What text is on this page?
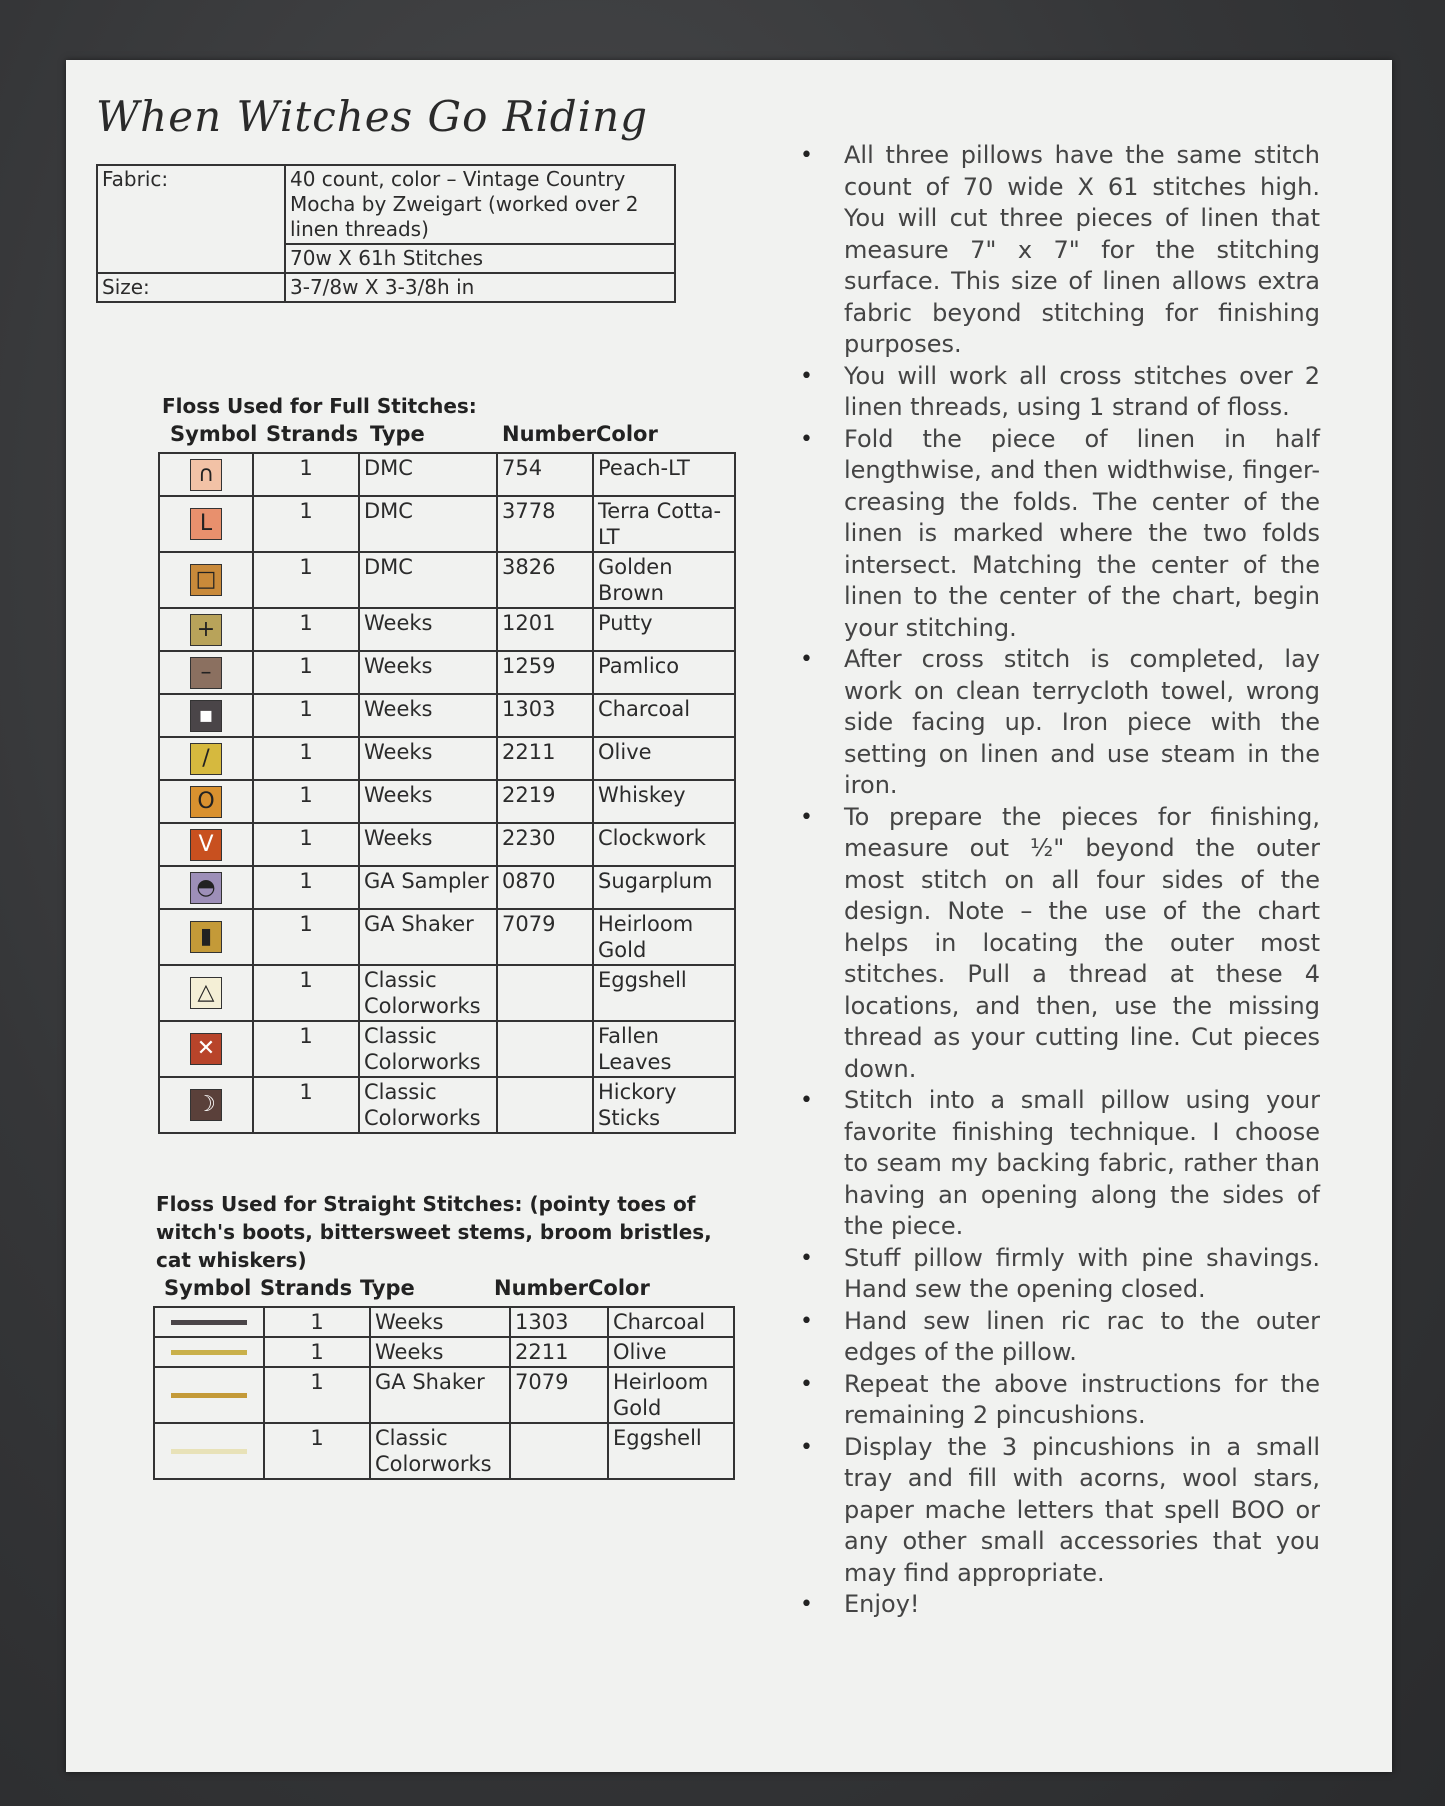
When Witches Go Riding
Fabric:	40 count, color – Vintage Country Mocha by Zweigart (worked over 2 linen threads)
	70w X 61h Stitches
Size:	3-7/8w X 3-3/8h in
Floss Used for Full Stitches:
Symbol Strands Type	Number Color
∩	1	DMC	754	Peach-LT
L	1	DMC	3778	Terra Cotta-LT
□	1	DMC	3826	Golden Brown
+	1	Weeks	1201	Putty
–	1	Weeks	1259	Pamlico
▪	1	Weeks	1303	Charcoal
/	1	Weeks	2211	Olive
O	1	Weeks	2219	Whiskey
V	1	Weeks	2230	Clockwork
◓	1	GA Sampler	0870	Sugarplum
▮	1	GA Shaker	7079	Heirloom Gold
△	1	Classic Colorworks		Eggshell
✕	1	Classic Colorworks		Fallen Leaves
☽	1	Classic Colorworks		Hickory Sticks
Floss Used for Straight Stitches: (pointy toes of witch's boots, bittersweet stems, broom bristles, cat whiskers)
Symbol Strands Type	Number Color
	1	Weeks	1303	Charcoal

	1	Weeks	2211	Olive

	1	GA Shaker	7079	Heirloom Gold

	1	Classic Colorworks		Eggshell
• All three pillows have the same stitch count of 70 wide X 61 stitches high. You will cut three pieces of linen that measure 7" x 7" for the stitching surface. This size of linen allows extra fabric beyond stitching for finishing purposes.
• You will work all cross stitches over 2 linen threads, using 1 strand of floss.
• Fold the piece of linen in half lengthwise, and then widthwise, finger-creasing the folds. The center of the linen is marked where the two folds intersect. Matching the center of the linen to the center of the chart, begin your stitching.
• After cross stitch is completed, lay work on clean terrycloth towel, wrong side facing up. Iron piece with the setting on linen and use steam in the iron.
• To prepare the pieces for finishing, measure out ½" beyond the outer most stitch on all four sides of the design. Note – the use of the chart helps in locating the outer most stitches. Pull a thread at these 4 locations, and then, use the missing thread as your cutting line. Cut pieces down.
• Stitch into a small pillow using your favorite finishing technique. I choose to seam my backing fabric, rather than having an opening along the sides of the piece.
• Stuff pillow firmly with pine shavings. Hand sew the opening closed.
• Hand sew linen ric rac to the outer edges of the pillow.
• Repeat the above instructions for the remaining 2 pincushions.
• Display the 3 pincushions in a small tray and fill with acorns, wool stars, paper mache letters that spell BOO or any other small accessories that you may find appropriate.
• Enjoy!
